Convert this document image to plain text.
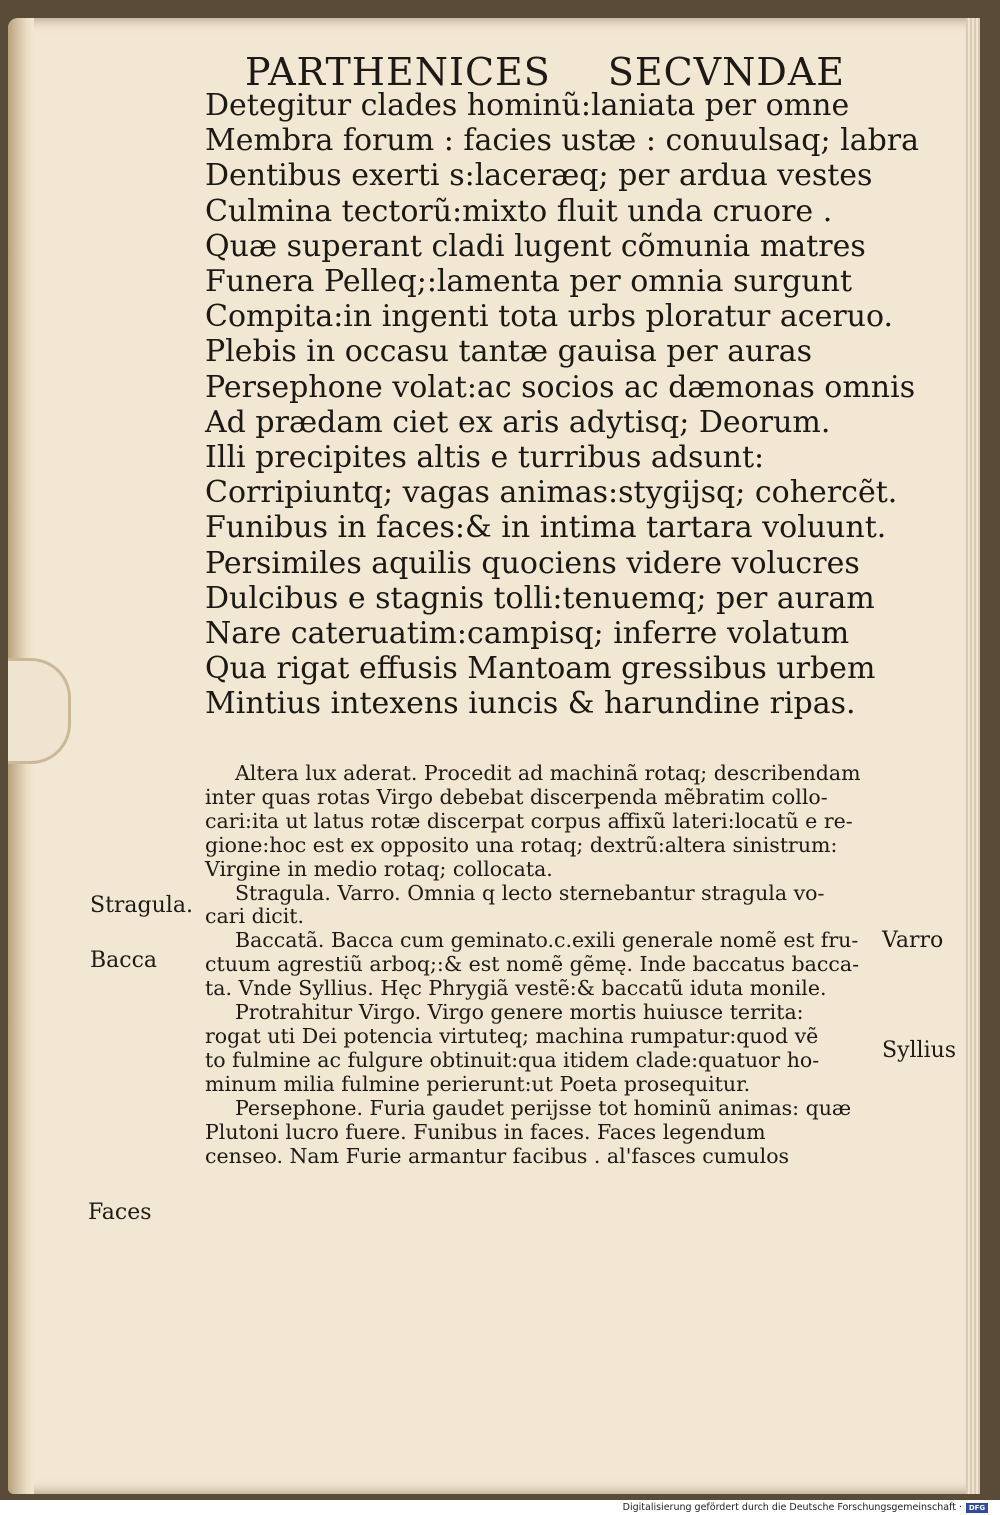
PARTHENICES SECVNDAE
Detegitur clades hominũ:laniata per omne
Membra forum : facies ustæ : conuulsaq; labra
Dentibus exerti s:laceræq; per ardua vestes
Culmina tectorũ:mixto fluit unda cruore .
Quæ superant cladi lugent cõmunia matres
Funera Pelleq;:lamenta per omnia surgunt
Compita:in ingenti tota urbs ploratur aceruo.
Plebis in occasu tantæ gauisa per auras
Persephone volat:ac socios ac dæmonas omnis
Ad prædam ciet ex aris adytisq; Deorum.
Illi precipites altis e turribus adsunt:
Corripiuntq; vagas animas:stygijsq; cohercẽt.
Funibus in faces:& in intima tartara voluunt.
Persimiles aquilis quociens videre volucres
Dulcibus e stagnis tolli:tenuemq; per auram
Nare cateruatim:campisq; inferre volatum
Qua rigat effusis Mantoam gressibus urbem
Mintius intexens iuncis & harundine ripas.
Altera lux aderat. Procedit ad machinã rotaq; describendam
inter quas rotas Virgo debebat discerpenda mẽbratim collo-
cari:ita ut latus rotæ discerpat corpus affixũ lateri:locatũ e re-
gione:hoc est ex opposito una rotaq; dextrũ:altera sinistrum:
Virgine in medio rotaq; collocata.
Stragula. Varro. Omnia q lecto sternebantur stragula vo-
cari dicit.
Baccatã. Bacca cum geminato.c.exili generale nomẽ est fru-
ctuum agrestiũ arboq;:& est nomẽ gẽmę. Inde baccatus bacca-
ta. Vnde Syllius. Hęc Phrygiã vestẽ:& baccatũ iduta monile.
Protrahitur Virgo. Virgo genere mortis huiusce territa:
rogat uti Dei potencia virtuteq; machina rumpatur:quod vẽ
to fulmine ac fulgure obtinuit:qua itidem clade:quatuor ho-
minum milia fulmine perierunt:ut Poeta prosequitur.
Persephone. Furia gaudet perijsse tot hominũ animas: quæ
Plutoni lucro fuere. Funibus in faces. Faces legendum
censeo. Nam Furie armantur facibus . al'fasces cumulos
Stragula.
Bacca
Faces
Varro
Syllius
Digitalisierung gefördert durch die Deutsche Forschungsgemeinschaft · DFG
